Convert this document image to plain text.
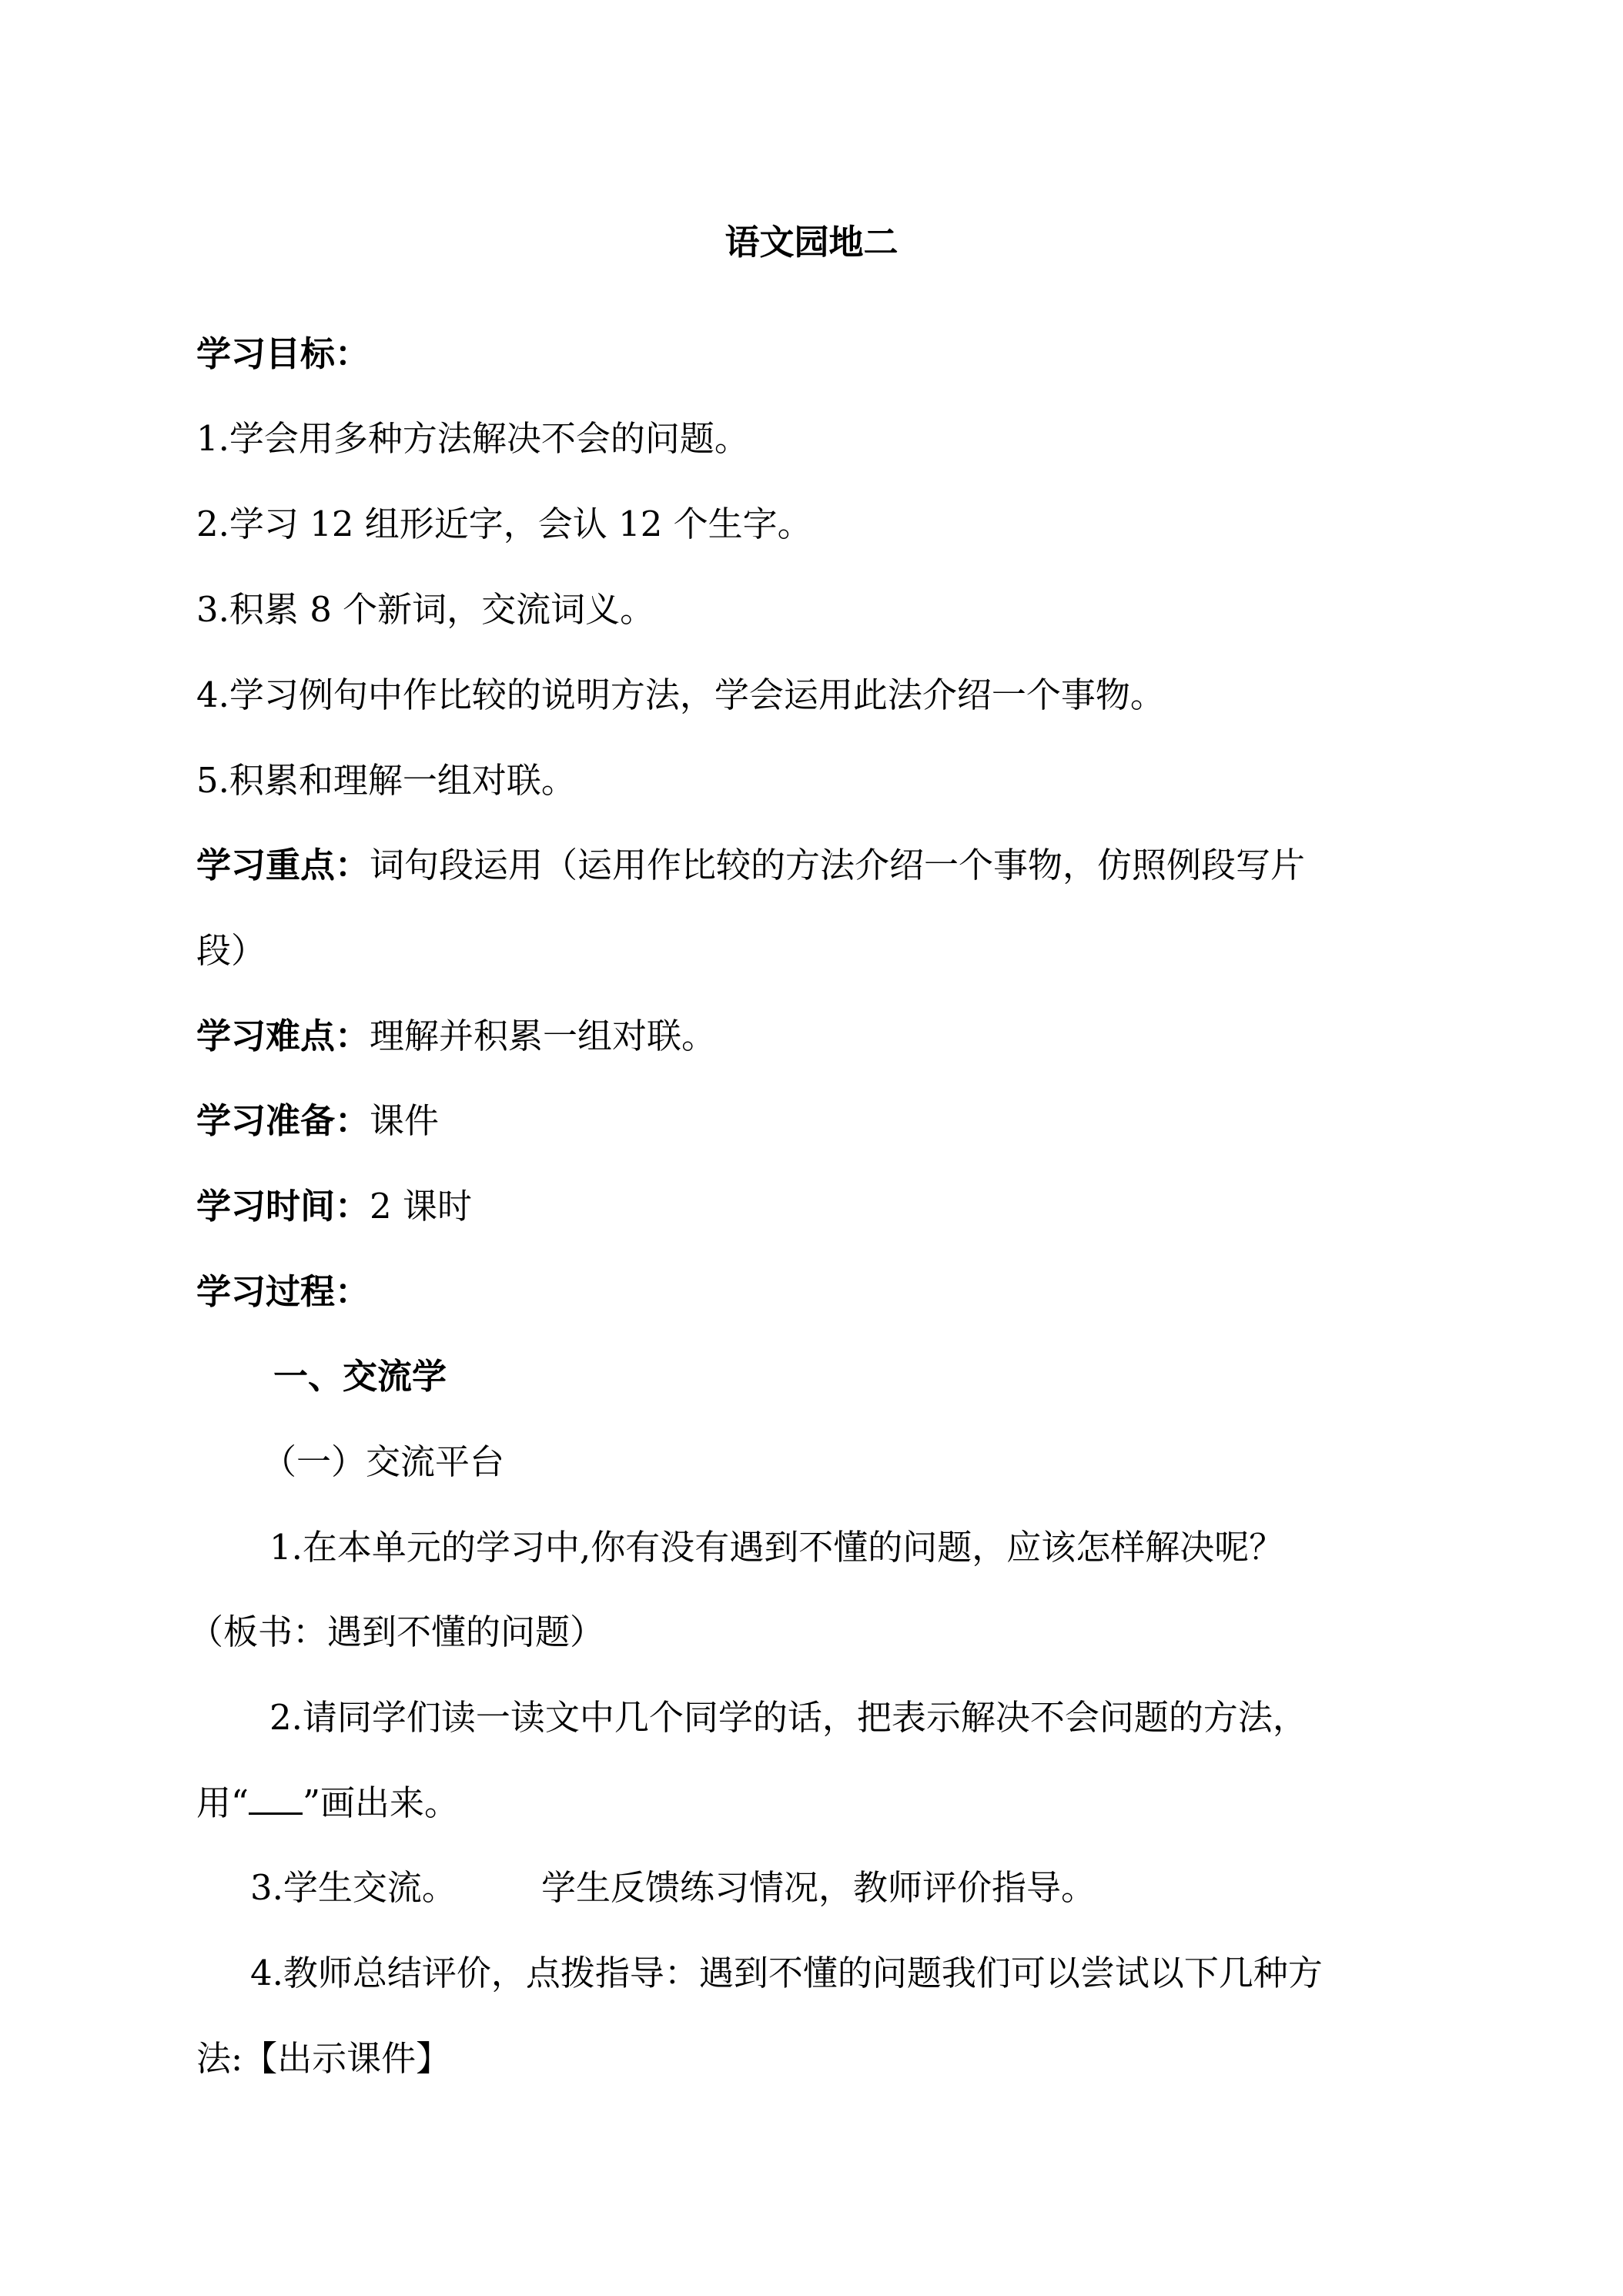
语文园地二
学习目标：
1.学会用多种方法解决不会的问题。
2.学习 12 组形近字，会认 12 个生字。
3.积累 8 个新词，交流词义。
4.学习例句中作比较的说明方法，学会运用此法介绍一个事物。
5.积累和理解一组对联。
学习重点：词句段运用（运用作比较的方法介绍一个事物，仿照例段写片
段）
学习难点：理解并积累一组对联。
学习准备：课件
学习时间：2 课时
学习过程：
一、交流学
（一）交流平台
1.在本单元的学习中,你有没有遇到不懂的问题，应该怎样解决呢？
（板书：遇到不懂的问题）
2.请同学们读一读文中几个同学的话，把表示解决不会问题的方法，
用“ ”画出来。
3.学生交流。 学生反馈练习情况，教师评价指导。
4.教师总结评价，点拨指导：遇到不懂的问题我们可以尝试以下几种方
法:【出示课件】
